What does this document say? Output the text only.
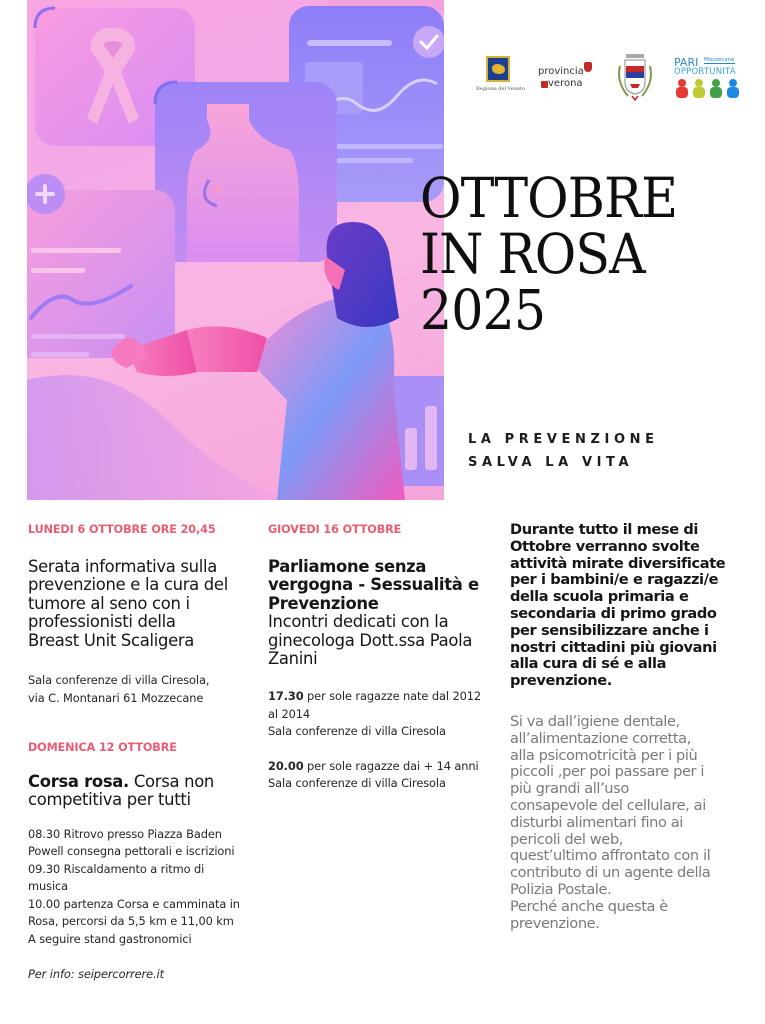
Regione del Veneto
provincia
verona
PARI Mozzecane
OPPORTUNITÀ
OTTOBRE
IN ROSA
2025
LA PREVENZIONE
SALVA LA VITA
LUNEDI 6 OTTOBRE ORE 20,45
Serata informativa sulla
prevenzione e la cura del
tumore al seno con i
professionisti della
Breast Unit Scaligera
Sala conferenze di villa Ciresola,
via C. Montanari 61 Mozzecane
DOMENICA 12 OTTOBRE
Corsa rosa. Corsa non
competitiva per tutti
08.30 Ritrovo presso Piazza Baden
Powell consegna pettorali e iscrizioni
09.30 Riscaldamento a ritmo di
musica
10.00 partenza Corsa e camminata in
Rosa, percorsi da 5,5 km e 11,00 km
A seguire stand gastronomici
Per info: seipercorrere.it
GIOVEDI 16 OTTOBRE
Parliamone senza
vergogna - Sessualità e
Prevenzione
Incontri dedicati con la
ginecologa Dott.ssa Paola
Zanini
17.30 per sole ragazze nate dal 2012
al 2014
Sala conferenze di villa Ciresola
20.00 per sole ragazze dai + 14 anni
Sala conferenze di villa Ciresola
Durante tutto il mese di
Ottobre verranno svolte
attività mirate diversificate
per i bambini/e e ragazzi/e
della scuola primaria e
secondaria di primo grado
per sensibilizzare anche i
nostri cittadini più giovani
alla cura di sé e alla
prevenzione.
Si va dall’igiene dentale,
all’alimentazione corretta,
alla psicomotricità per i più
piccoli ,per poi passare per i
più grandi all’uso
consapevole del cellulare, ai
disturbi alimentari fino ai
pericoli del web,
quest’ultimo affrontato con il
contributo di un agente della
Polizia Postale.
Perché anche questa è
prevenzione.
